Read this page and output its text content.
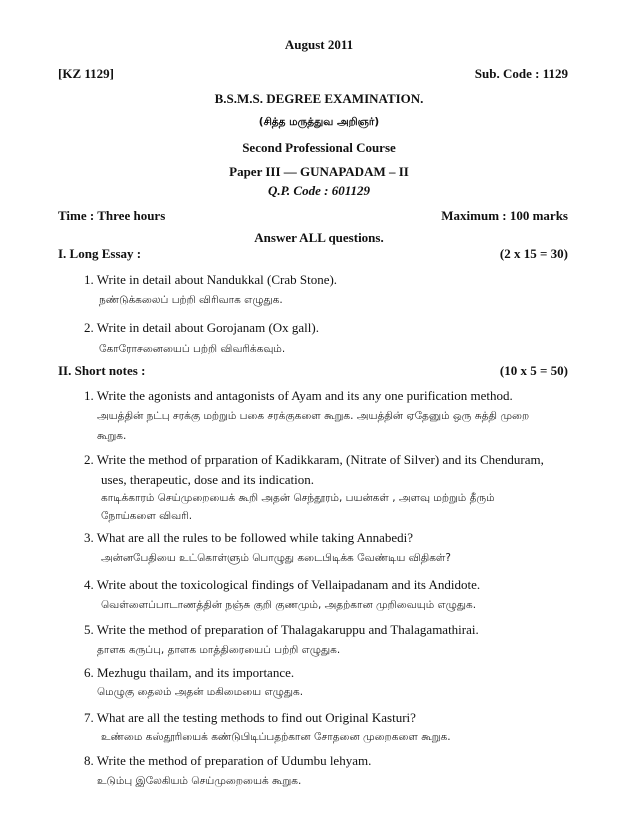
August 2011
[KZ 1129]	Sub. Code : 1129
B.S.M.S. DEGREE EXAMINATION.
(சித்த மருத்துவ அறிஞர்)
Second Professional Course
Paper III — GUNAPADAM – II
Q.P. Code : 601129
Time : Three hours	Maximum : 100 marks
Answer ALL questions.
I. Long Essay :	(2 x 15 = 30)
1. Write in detail about Nandukkal (Crab Stone).
நண்டுக்கலைப் பற்றி விரிவாக எழுதுக.
2. Write in detail about Gorojanam (Ox gall).
கோரோசனையைப் பற்றி விவரிக்கவும்.
II. Short notes :	(10 x 5 = 50)
1. Write the agonists and antagonists of Ayam and its any one purification method.
அயத்தின் நட்பு சரக்கு மற்றும் பகை சரக்குகளை கூறுக. அயத்தின் ஏதேனும் ஒரு சுத்தி முறை
கூறுக.
2. Write the method of prparation of Kadikkaram, (Nitrate of Silver) and its Chenduram,
uses, therapeutic, dose and its indication.
காடிக்காரம் செய்முறையைக் கூறி அதன் செந்தூரம், பயன்கள் , அளவு மற்றும் தீரும்
நோய்களை விவரி.
3. What are all the rules to be followed while taking Annabedi?
அன்னபேதியை உட்கொள்ளும் பொழுது கடைபிடிக்க வேண்டிய விதிகள்?
4. Write about the toxicological findings of Vellaipadanam and its Andidote.
வெள்ளைப்பாடாணத்தின் நஞ்சு குறி குணமும், அதற்கான முறிவையும் எழுதுக.
5. Write the method of preparation of Thalagakaruppu and Thalagamathirai.
தாளக கருப்பு, தாளக மாத்திரையைப் பற்றி எழுதுக.
6. Mezhugu thailam, and its importance.
மெழுகு தைலம் அதன் மகிமையை எழுதுக.
7. What are all the testing methods to find out Original Kasturi?
உண்மை கஸ்தூரியைக் கண்டுபிடிப்பதற்கான சோதனை முறைகளை கூறுக.
8. Write the method of preparation of Udumbu lehyam.
உடும்பு இலேகியம் செய்முறையைக் கூறுக.
